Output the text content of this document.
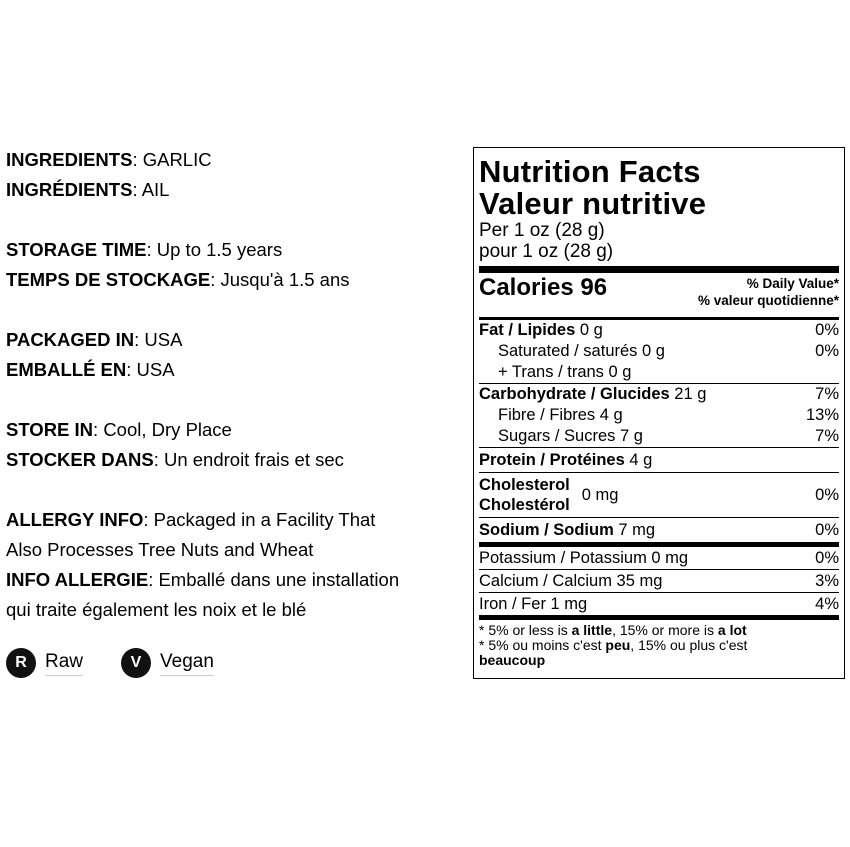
INGREDIENTS: GARLIC
INGRÉDIENTS: AIL
STORAGE TIME: Up to 1.5 years
TEMPS DE STOCKAGE: Jusqu'à 1.5 ans
PACKAGED IN: USA
EMBALLÉ EN: USA
STORE IN: Cool, Dry Place
STOCKER DANS: Un endroit frais et sec
ALLERGY INFO: Packaged in a Facility That
Also Processes Tree Nuts and Wheat
INFO ALLERGIE: Emballé dans une installation
qui traite également les noix et le blé
R Raw	V Vegan
Nutrition Facts
Valeur nutritive
Per 1 oz (28 g)
pour 1 oz (28 g)
Calories 96	% Daily Value*
% valeur quotidienne*
Fat / Lipides 0 g	0%
Saturated / saturés 0 g	0%
+ Trans / trans 0 g
Carbohydrate / Glucides 21 g	7%
Fibre / Fibres 4 g	13%
Sugars / Sucres 7 g	7%
Protein / Protéines 4 g
Cholesterol
Cholestérol
0 mg	0%
Sodium / Sodium 7 mg	0%
Potassium / Potassium 0 mg	0%
Calcium / Calcium 35 mg	3%
Iron / Fer 1 mg	4%
* 5% or less is a little, 15% or more is a lot
* 5% ou moins c'est peu, 15% ou plus c'est
beaucoup
